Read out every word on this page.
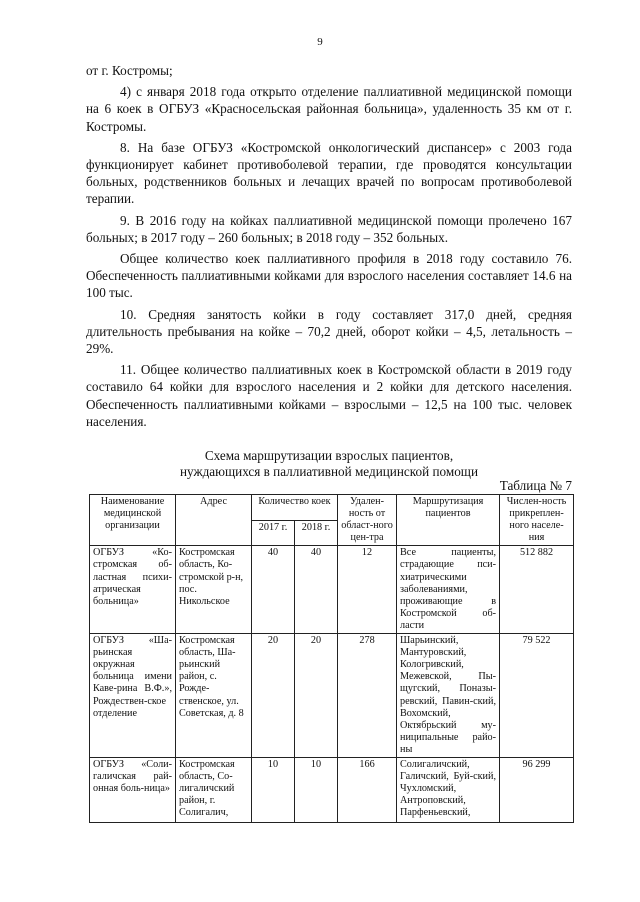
9

от г. Костромы;

4) с января 2018 года открыто отделение паллиативной медицинской помощи на 6 коек в ОГБУЗ «Красносельская районная больница», удаленность 35 км от г. Костромы.

8. На базе ОГБУЗ «Костромской онкологический диспансер» с 2003 года функционирует кабинет противоболевой терапии, где проводятся консультации больных, родственников больных и лечащих врачей по вопросам противоболевой терапии.

9. В 2016 году на койках паллиативной медицинской помощи пролечено 167 больных; в 2017 году – 260 больных; в 2018 году – 352 больных.

Общее количество коек паллиативного профиля в 2018 году составило 76. Обеспеченность паллиативными койками для взрослого населения составляет 14.6 на 100 тыс.

10. Средняя занятость койки в году составляет 317,0 дней, средняя длительность пребывания на койке – 70,2 дней, оборот койки – 4,5, летальность – 29%.

11. Общее количество паллиативных коек в Костромской области в 2019 году составило 64 койки для взрослого населения и 2 койки для детского населения. Обеспеченность паллиативными койками – взрослыми – 12,5 на 100 тыс. человек населения.

Схема маршрутизации взрослых пациентов,
нуждающихся в паллиативной медицинской помощи
Таблица № 7
Наименование медицинской организации	Адрес	Количество коек		Удален-ность от област-ного цен-тра	Маршрутизация пациентов	Числен-ность прикреплен-ного населе-ния
		2017 г.	2018 г.			
ОГБУЗ «Ко-стромская об-ластная психи-атрическая больница»	Костромская область, Ко-стромской р-н, пос. Никольское	40	40	12	Все пациенты, страдающие пси-хиатрическими заболеваниями, проживающие в Костромской об-ласти	512 882
ОГБУЗ «Ша-рьинская окружная больница имени Каве-рина В.Ф.», Рождествен-ское отделение	Костромская область, Ша-рьинский район, с. Рожде-ственское, ул. Советская, д. 8	20	20	278	Шарьинский, Мантуровский, Кологривский, Межевской, Пы-щугский, Поназы-ревский, Павин-ский, Вохомский, Октябрьский му-ниципальные райо-ны	79 522
ОГБУЗ «Соли-галичская рай-онная боль-ница»	Костромская область, Со-лигаличский район, г. Солигалич,	10	10	166	Солигаличский, Галичский, Буй-ский, Чухломский, Антроповский, Парфеньевский,	96 299
